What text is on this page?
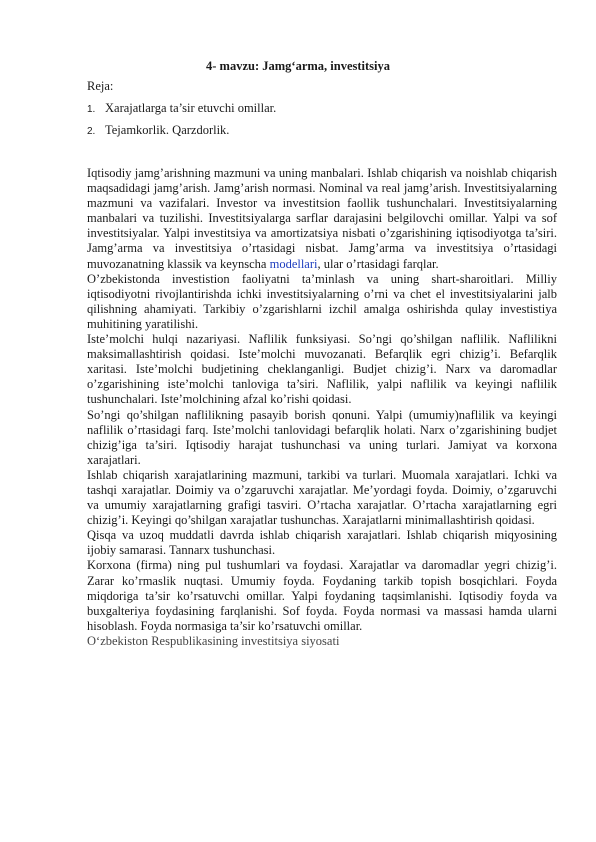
4- mavzu: Jamg‘arma, investitsiya
Reja:
1. Xarajatlarga ta’sir etuvchi omillar.
2. Tejamkorlik. Qarzdorlik.

Iqtisodiy jamg’arishning mazmuni va uning manbalari. Ishlab chiqarish va noishlab chiqarish maqsadidagi jamg’arish. Jamg’arish normasi. Nominal va real jamg’arish. Investitsiyalarning mazmuni va vazifalari. Investor va investitsion faollik tushunchalari. Investitsiyalarning manbalari va tuzilishi. Investitsiyalarga sarflar darajasini belgilovchi omillar. Yalpi va sof investitsiyalar. Yalpi investitsiya va amortizatsiya nisbati o’zgarishining iqtisodiyotga ta’siri. Jamg’arma va investitsiya o’rtasidagi nisbat. Jamg’arma va investitsiya o’rtasidagi muvozanatning klassik va keynscha modellari, ular o’rtasidagi farqlar.

O’zbekistonda investistion faoliyatni ta’minlash va uning shart-sharoitlari. Milliy iqtisodiyotni rivojlantirishda ichki investitsiyalarning o’rni va chet el investitsiyalarini jalb qilishning ahamiyati. Tarkibiy o’zgarishlarni izchil amalga oshirishda qulay investistiya muhitining yaratilishi.

Iste’molchi hulqi nazariyasi. Naflilik funksiyasi. So’ngi qo’shilgan naflilik. Naflilikni maksimallashtirish qoidasi. Iste’molchi muvozanati. Befarqlik egri chizig’i. Befarqlik xaritasi. Iste’molchi budjetining cheklanganligi. Budjet chizig’i. Narx va daromadlar o’zgarishining iste’molchi tanloviga ta’siri. Naflilik, yalpi naflilik va keyingi naflilik tushunchalari. Iste’molchining afzal ko’rishi qoidasi.

So’ngi qo’shilgan naflilikning pasayib borish qonuni. Yalpi (umumiy)naflilik va keyingi naflilik o’rtasidagi farq. Iste’molchi tanlovidagi befarqlik holati. Narx o’zgarishining budjet chizig’iga ta’siri. Iqtisodiy harajat tushunchasi va uning turlari. Jamiyat va korxona xarajatlari.

Ishlab chiqarish xarajatlarining mazmuni, tarkibi va turlari. Muomala xarajatlari. Ichki va tashqi xarajatlar. Doimiy va o’zgaruvchi xarajatlar. Me’yordagi foyda. Doimiy, o’zgaruvchi va umumiy xarajatlarning grafigi tasviri. O’rtacha xarajatlar. O’rtacha xarajatlarning egri chizig’i. Keyingi qo’shilgan xarajatlar tushunchas. Xarajatlarni minimallashtirish qoidasi.

Qisqa va uzoq muddatli davrda ishlab chiqarish xarajatlari. Ishlab chiqarish miqyosining ijobiy samarasi. Tannarx tushunchasi.

Korxona (firma) ning pul tushumlari va foydasi. Xarajatlar va daromadlar yegri chizig’i. Zarar ko’rmaslik nuqtasi. Umumiy foyda. Foydaning tarkib topish bosqichlari. Foyda miqdoriga ta’sir ko’rsatuvchi omillar. Yalpi foydaning taqsimlanishi. Iqtisodiy foyda va buxgalteriya foydasining farqlanishi. Sof foyda. Foyda normasi va massasi hamda ularni hisoblash. Foyda normasiga ta’sir ko’rsatuvchi omillar.

O‘zbekiston Respublikasining investitsiya siyosati
